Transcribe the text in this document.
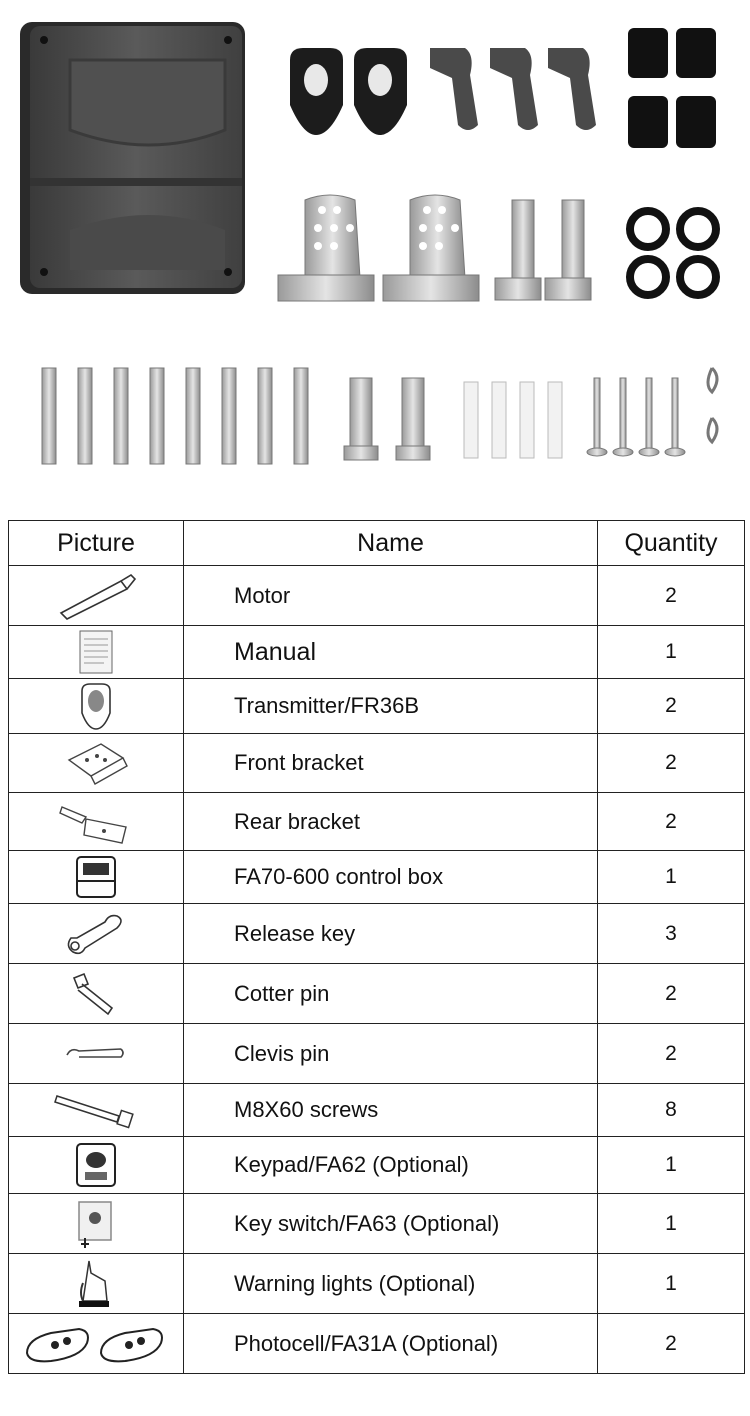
Picture	Name	Quantity

	Motor	2

	Manual	1

	Transmitter/FR36B	2

	Front bracket	2

	Rear bracket	2

	FA70-600 control box	1

	Release key	3

	Cotter pin	2

	Clevis pin	2

	M8X60 screws	8

	Keypad/FA62 (Optional)	1

	Key switch/FA63 (Optional)	1

	Warning lights (Optional)	1

	Photocell/FA31A (Optional)	2
